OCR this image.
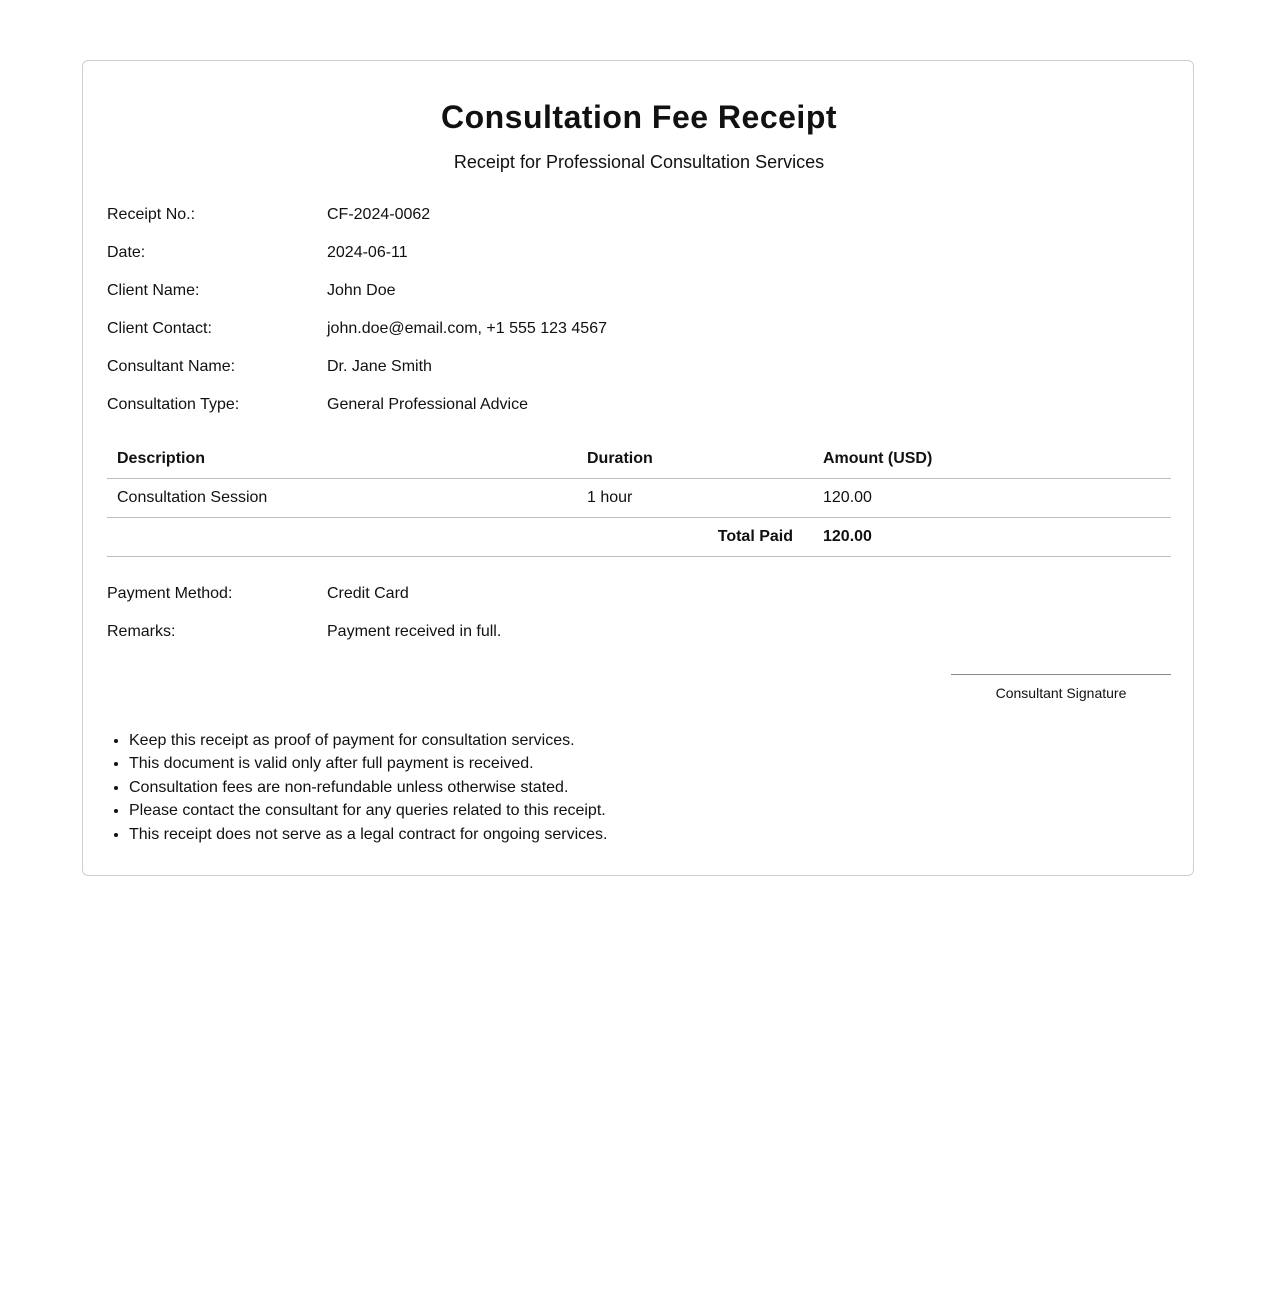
Consultation Fee Receipt
Receipt for Professional Consultation Services
Receipt No.:	CF-2024-0062
Date:	2024-06-11
Client Name:	John Doe
Client Contact:	john.doe@email.com, +1 555 123 4567
Consultant Name:	Dr. Jane Smith
Consultation Type:	General Professional Advice
Description	Duration	Amount (USD)
Consultation Session	1 hour	120.00
Total Paid		120.00
Payment Method:	Credit Card
Remarks:	Payment received in full.
Consultant Signature
• Keep this receipt as proof of payment for consultation services.
• This document is valid only after full payment is received.
• Consultation fees are non-refundable unless otherwise stated.
• Please contact the consultant for any queries related to this receipt.
• This receipt does not serve as a legal contract for ongoing services.
